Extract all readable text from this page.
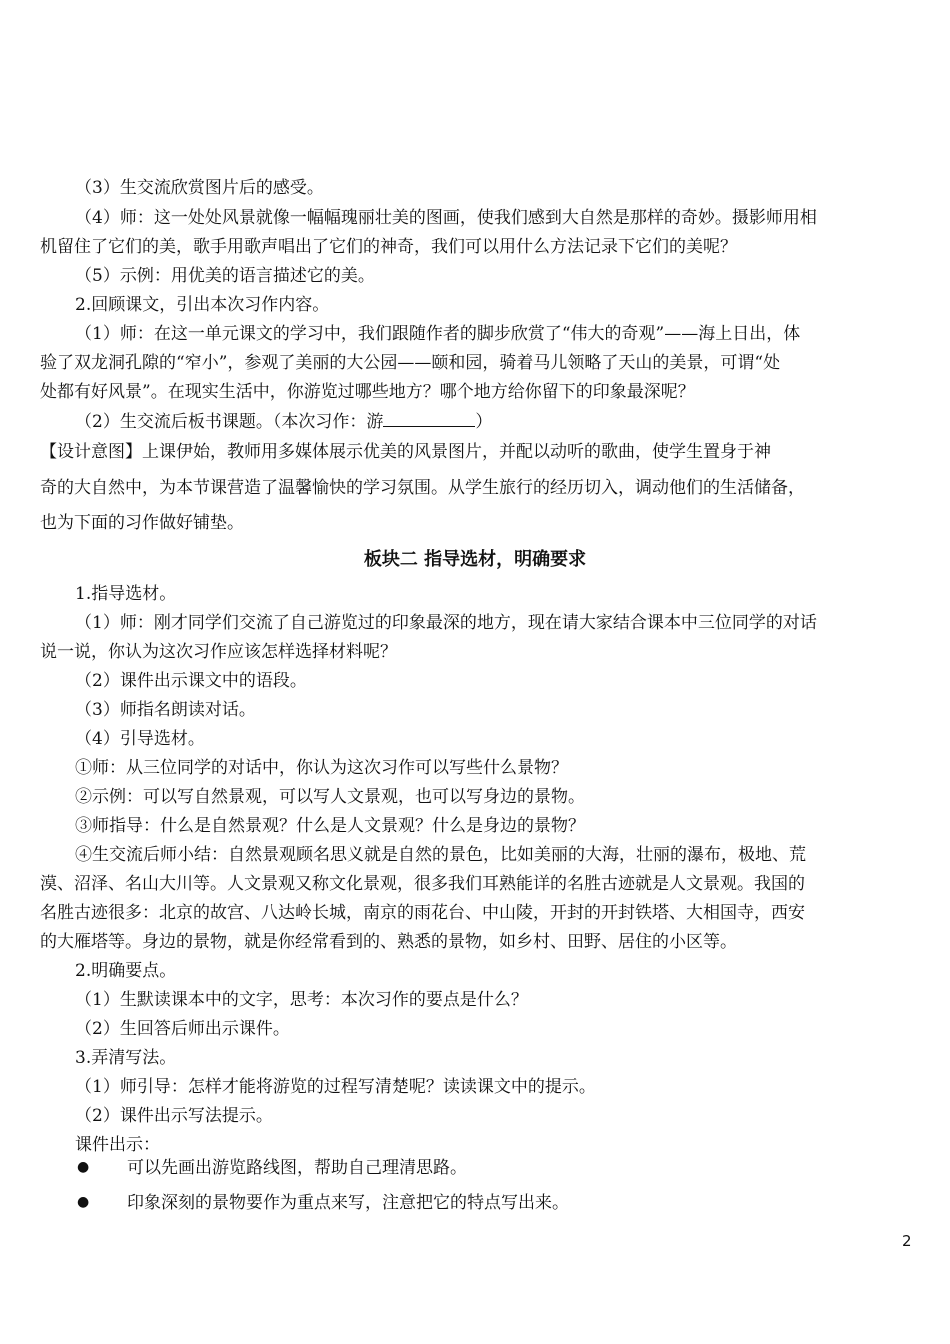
（3）生交流欣赏图片后的感受。
（4）师：这一处处风景就像一幅幅瑰丽壮美的图画，使我们感到大自然是那样的奇妙。摄影师用相
机留住了它们的美，歌手用歌声唱出了它们的神奇，我们可以用什么方法记录下它们的美呢？
（5）示例：用优美的语言描述它的美。
2.回顾课文，引出本次习作内容。
（1）师：在这一单元课文的学习中，我们跟随作者的脚步欣赏了“伟大的奇观”——海上日出，体
验了双龙洞孔隙的“窄小”，参观了美丽的大公园——颐和园，骑着马儿领略了天山的美景，可谓“处
处都有好风景”。在现实生活中，你游览过哪些地方？哪个地方给你留下的印象最深呢？
（2）生交流后板书课题。（本次习作：游	）
【设计意图】上课伊始，教师用多媒体展示优美的风景图片，并配以动听的歌曲，使学生置身于神
奇的大自然中，为本节课营造了温馨愉快的学习氛围。从学生旅行的经历切入，调动他们的生活储备，
也为下面的习作做好铺垫。
板块二 指导选材，明确要求
1.指导选材。
（1）师：刚才同学们交流了自己游览过的印象最深的地方，现在请大家结合课本中三位同学的对话
说一说，你认为这次习作应该怎样选择材料呢？
（2）课件出示课文中的语段。
（3）师指名朗读对话。
（4）引导选材。
①师：从三位同学的对话中，你认为这次习作可以写些什么景物？
②示例：可以写自然景观，可以写人文景观，也可以写身边的景物。
③师指导：什么是自然景观？什么是人文景观？什么是身边的景物？
④生交流后师小结：自然景观顾名思义就是自然的景色，比如美丽的大海，壮丽的瀑布，极地、荒
漠、沼泽、名山大川等。人文景观又称文化景观，很多我们耳熟能详的名胜古迹就是人文景观。我国的
名胜古迹很多：北京的故宫、八达岭长城，南京的雨花台、中山陵，开封的开封铁塔、大相国寺，西安
的大雁塔等。身边的景物，就是你经常看到的、熟悉的景物，如乡村、田野、居住的小区等。
2.明确要点。
（1）生默读课本中的文字，思考：本次习作的要点是什么？
（2）生回答后师出示课件。
3.弄清写法。
（1）师引导：怎样才能将游览的过程写清楚呢？读读课文中的提示。
（2）课件出示写法提示。
课件出示：
● 可以先画出游览路线图，帮助自己理清思路。
● 印象深刻的景物要作为重点来写，注意把它的特点写出来。
2
